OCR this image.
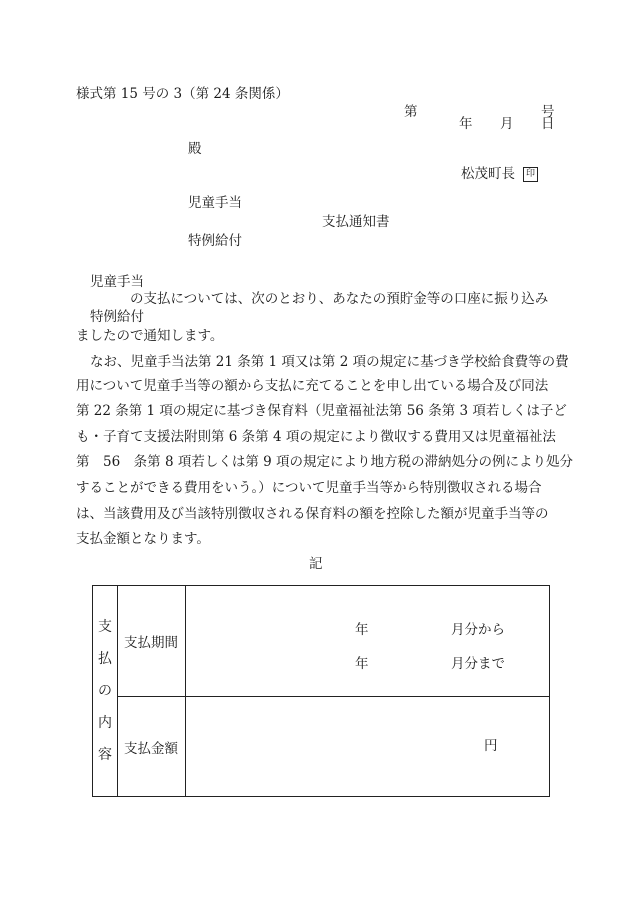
様式第 15 号の 3（第 24 条関係）
第	号
年 月 日
殿
松茂町長 印
児童手当
支払通知書
特例給付
児童手当
の支払については、次のとおり、あなたの預貯金等の口座に振り込み
特例給付
ましたので通知します。
なお、児童手当法第 21 条第 1 項又は第 2 項の規定に基づき学校給食費等の費
用について児童手当等の額から支払に充てることを申し出ている場合及び同法
第 22 条第 1 項の規定に基づき保育料（児童福祉法第 56 条第 3 項若しくは子ど
も・子育て支援法附則第 6 条第 4 項の規定により徴収する費用又は児童福祉法
第　56　条第 8 項若しくは第 9 項の規定により地方税の滞納処分の例により処分
することができる費用をいう。）について児童手当等から特別徴収される場合
は、当該費用及び当該特別徴収される保育料の額を控除した額が児童手当等の
支払金額となります。
記
支
払
の
内
容	支払期間	年 月分から
年 月分まで

	支払金額	円
